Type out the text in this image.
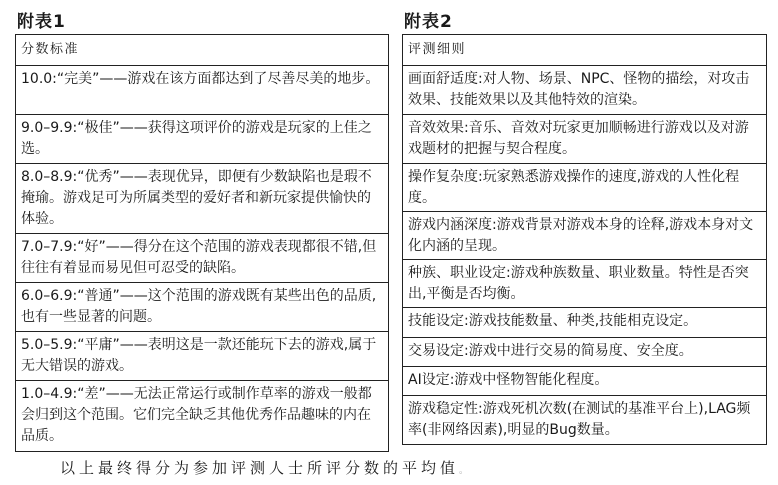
附表1	附表2
分数标准
10.0:“完美”——游戏在该方面都达到了尽善尽美的地步。
9.0–9.9:“极佳”——获得这项评价的游戏是玩家的上佳之选。
8.0–8.9:“优秀”——表现优异，即便有少数缺陷也是瑕不掩瑜。游戏足可为所属类型的爱好者和新玩家提供愉快的体验。
7.0–7.9:“好”——得分在这个范围的游戏表现都很不错,但往往有着显而易见但可忍受的缺陷。
6.0–6.9:“普通”——这个范围的游戏既有某些出色的品质,也有一些显著的问题。
5.0–5.9:“平庸”——表明这是一款还能玩下去的游戏,属于无大错误的游戏。
1.0–4.9:“差”——无法正常运行或制作草率的游戏一般都会归到这个范围。它们完全缺乏其他优秀作品趣味的内在品质。
评测细则
画面舒适度:对人物、场景、NPC、怪物的描绘，对攻击效果、技能效果以及其他特效的渲染。
音效效果:音乐、音效对玩家更加顺畅进行游戏以及对游戏题材的把握与契合程度。
操作复杂度:玩家熟悉游戏操作的速度,游戏的人性化程度。
游戏内涵深度:游戏背景对游戏本身的诠释,游戏本身对文化内涵的呈现。
种族、职业设定:游戏种族数量、职业数量。特性是否突出,平衡是否均衡。
技能设定:游戏技能数量、种类,技能相克设定。
交易设定:游戏中进行交易的简易度、安全度。
AI设定:游戏中怪物智能化程度。
游戏稳定性:游戏死机次数(在测试的基准平台上),LAG频率(非网络因素),明显的Bug数量。
以上最终得分为参加评测人士所评分数的平均值。
